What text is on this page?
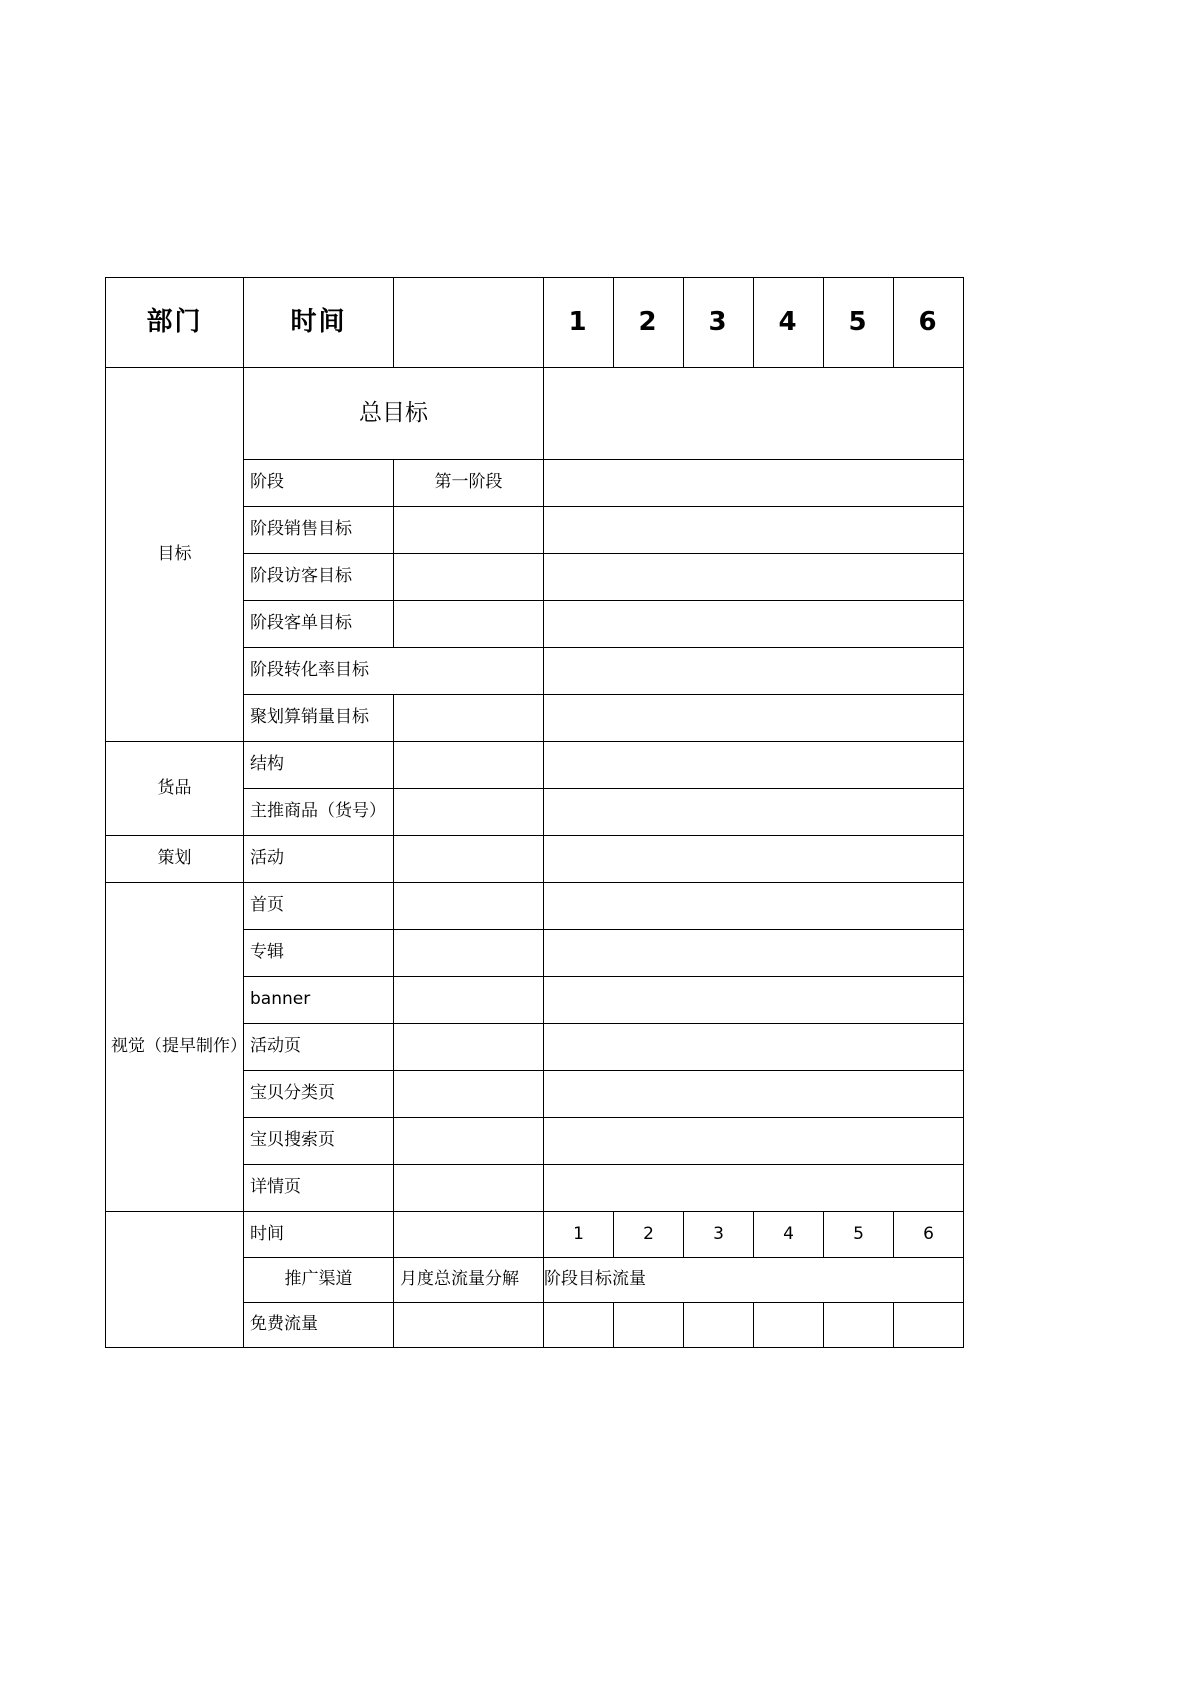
部门	时间		1	2	3	4	5	6

目标	总目标							

	阶段	第一阶段						

	阶段销售目标							

	阶段访客目标							

	阶段客单目标							

	阶段转化率目标							

	聚划算销量目标						

货品	结构							

	主推商品（货号）						

策划	活动							

视觉（提早制作）	首页							

	专辑							

	banner							

	活动页							

	宝贝分类页							

	宝贝搜索页							

	详情页							

	时间		1	2	3	4	5	6

	推广渠道	月度总流量分解	阶段目标流量					

	免费流量							
